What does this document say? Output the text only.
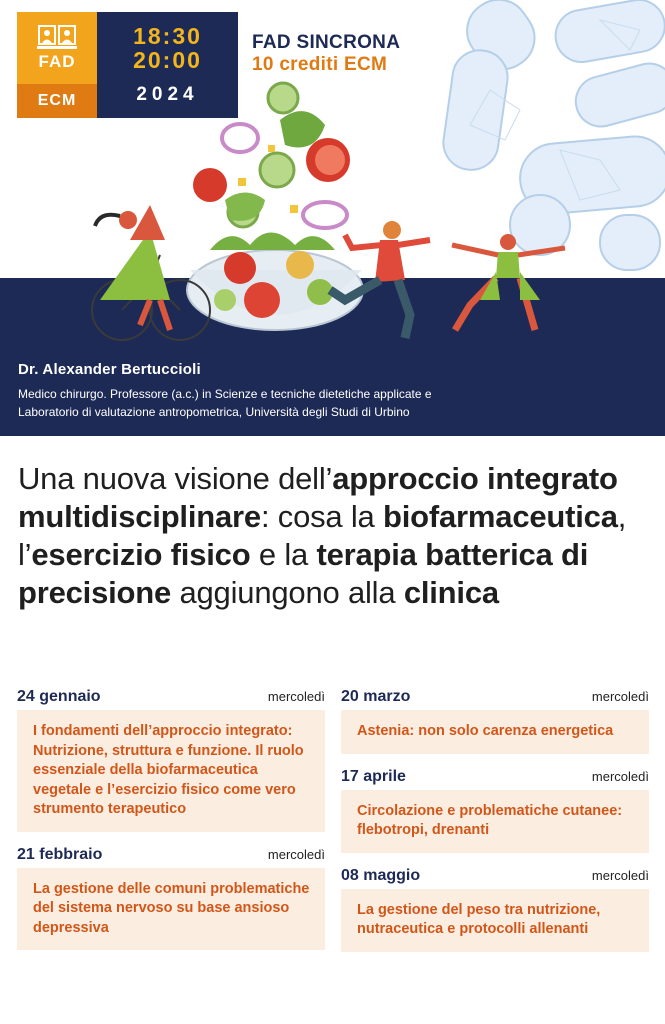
FAD
ECM
18:30
20:00
2024
FAD SINCRONA
10 crediti ECM
Dr. Alexander Bertuccioli
Medico chirurgo. Professore (a.c.) in Scienze e tecniche dietetiche applicate e
Laboratorio di valutazione antropometrica, Università degli Studi di Urbino
Una nuova visione dell’approccio integrato multidisciplinare: cosa la biofarmaceutica, l’esercizio fisico e la terapia batterica di precisione aggiungono alla clinica
24 gennaio	mercoledì
I fondamenti dell’approccio integrato: Nutrizione, struttura e funzione. Il ruolo essenziale della biofarmaceutica vegetale e l’esercizio fisico come vero strumento terapeutico
21 febbraio	mercoledì
La gestione delle comuni problematiche del sistema nervoso su base ansioso depressiva
20 marzo	mercoledì
Astenia: non solo carenza energetica
17 aprile	mercoledì
Circolazione e problematiche cutanee: flebotropi, drenanti
08 maggio	mercoledì
La gestione del peso tra nutrizione, nutraceutica e protocolli allenanti
